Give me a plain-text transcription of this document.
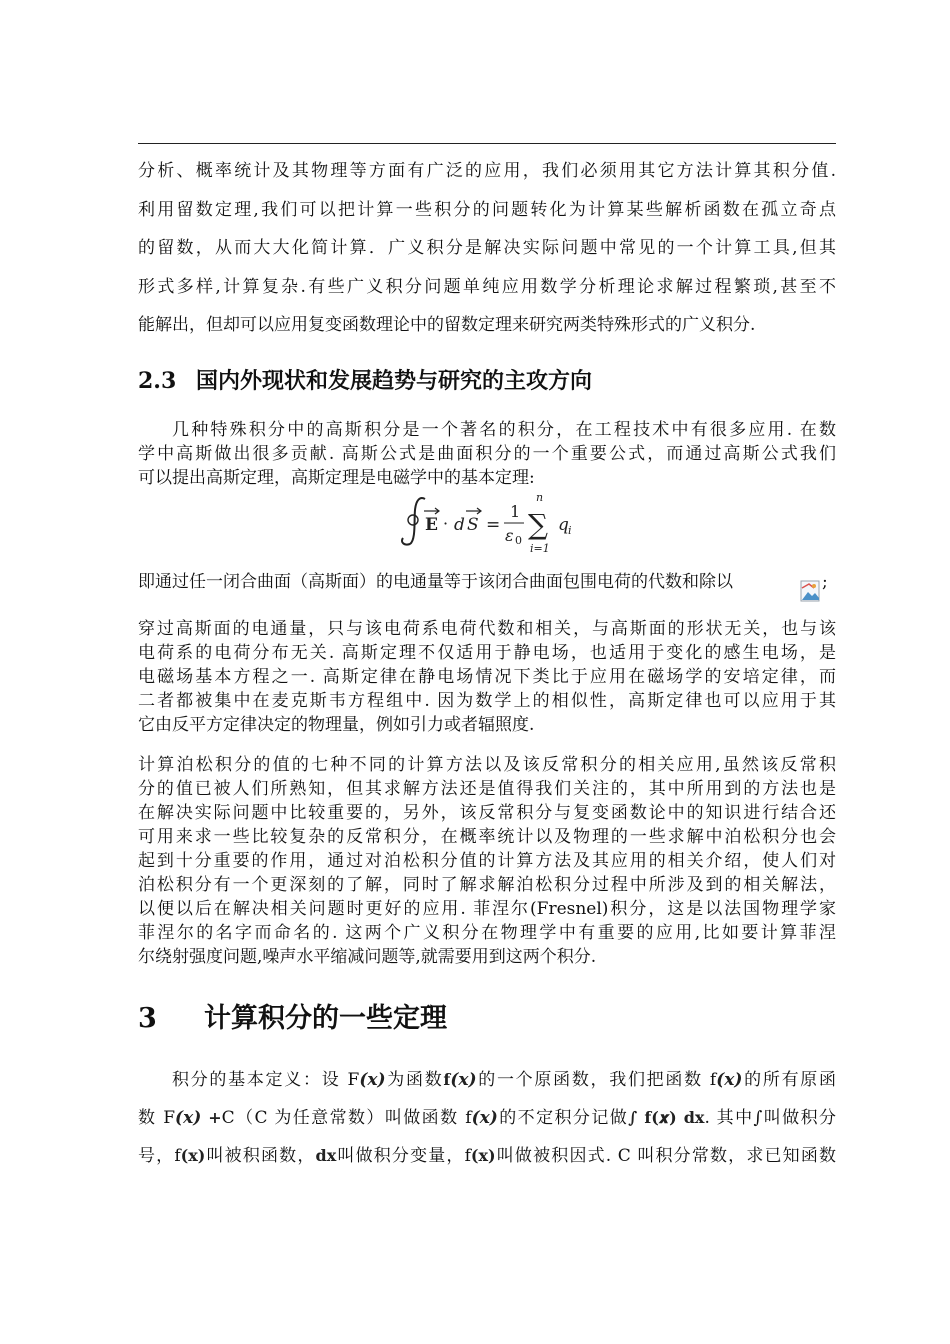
分析、概率统计及其物理等方面有广泛的应用，我们必须用其它方法计算其积分值.
利用留数定理,我们可以把计算一些积分的问题转化为计算某些解析函数在孤立奇点
的留数，从而大大化简计算．广义积分是解决实际问题中常见的一个计算工具,但其
形式多样,计算复杂.有些广义积分问题单纯应用数学分析理论求解过程繁琐,甚至不
能解出，但却可以应用复变函数理论中的留数定理来研究两类特殊形式的广义积分.
2.3 国内外现状和发展趋势与研究的主攻方向
几种特殊积分中的高斯积分是一个著名的积分，在工程技术中有很多应用. 在数
学中高斯做出很多贡献. 高斯公式是曲面积分的一个重要公式，而通过高斯公式我们
可以提出高斯定理，高斯定理是电磁学中的基本定理:
E · d S =
1
ε 0
n
∑
i=1
q i
即通过任一闭合曲面（高斯面）的电通量等于该闭合曲面包围电荷的代数和除以	;
穿过高斯面的电通量，只与该电荷系电荷代数和相关，与高斯面的形状无关，也与该
电荷系的电荷分布无关. 高斯定理不仅适用于静电场，也适用于变化的感生电场，是
电磁场基本方程之一. 高斯定律在静电场情况下类比于应用在磁场学的安培定律，而
二者都被集中在麦克斯韦方程组中. 因为数学上的相似性，高斯定律也可以应用于其
它由反平方定律决定的物理量，例如引力或者辐照度.
计算泊松积分的值的七种不同的计算方法以及该反常积分的相关应用,虽然该反常积
分的值已被人们所熟知，但其求解方法还是值得我们关注的，其中所用到的方法也是
在解决实际问题中比较重要的，另外，该反常积分与复变函数论中的知识进行结合还
可用来求一些比较复杂的反常积分，在概率统计以及物理的一些求解中泊松积分也会
起到十分重要的作用，通过对泊松积分值的计算方法及其应用的相关介绍，使人们对
泊松积分有一个更深刻的了解，同时了解求解泊松积分过程中所涉及到的相关解法，
以便以后在解决相关问题时更好的应用. 菲涅尔(Fresnel)积分，这是以法国物理学家
菲涅尔的名字而命名的. 这两个广义积分在物理学中有重要的应用,比如要计算菲涅
尔绕射强度问题,噪声水平缩减问题等,就需要用到这两个积分.
3 计算积分的一些定理
积分的基本定义：设 F(𝒙)为函数f(𝒙)的一个原函数，我们把函数 f(𝒙)的所有原函
数 F(𝒙) +C（C 为任意常数）叫做函数 f(𝒙)的不定积分记做∫ f(𝒙) dx. 其中∫叫做积分
号，f(x)叫被积函数，dx叫做积分变量，f(x)叫做被积因式. C 叫积分常数，求已知函数
